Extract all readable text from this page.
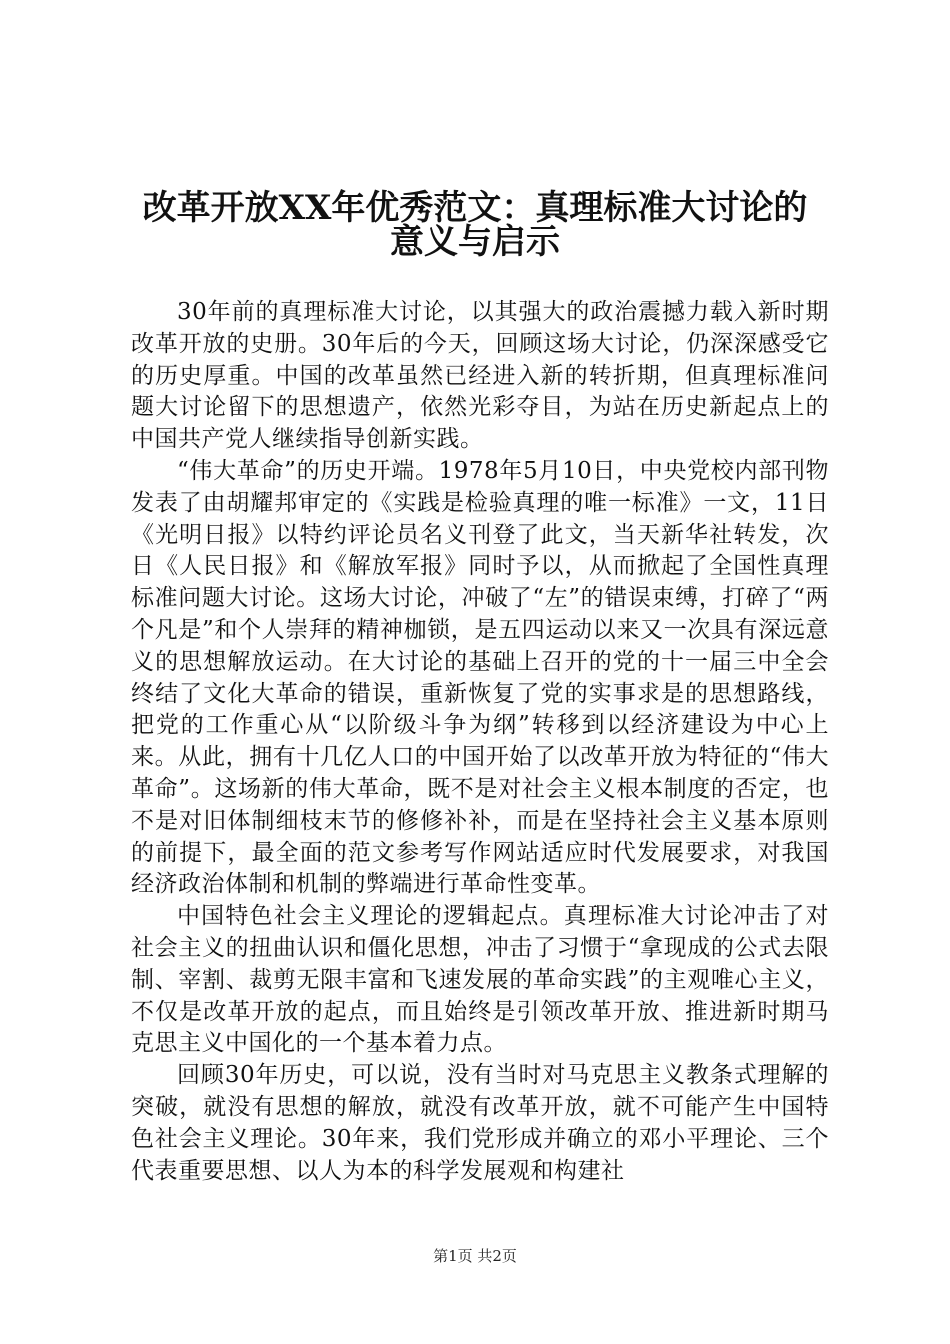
改革开放XX年优秀范文：真理标准大讨论的
意义与启示

30年前的真理标准大讨论，以其强大的政治震撼力载入新时期改革开放的史册。30年后的今天，回顾这场大讨论，仍深深感受它的历史厚重。中国的改革虽然已经进入新的转折期，但真理标准问题大讨论留下的思想遗产，依然光彩夺目，为站在历史新起点上的中国共产党人继续指导创新实践。

“伟大革命”的历史开端。1978年5月10日，中央党校内部刊物发表了由胡耀邦审定的《实践是检验真理的唯一标准》一文，11日《光明日报》以特约评论员名义刊登了此文，当天新华社转发，次日《人民日报》和《解放军报》同时予以，从而掀起了全国性真理标准问题大讨论。这场大讨论，冲破了“左”的错误束缚，打碎了“两个凡是”和个人崇拜的精神枷锁，是五四运动以来又一次具有深远意义的思想解放运动。在大讨论的基础上召开的党的十一届三中全会终结了文化大革命的错误，重新恢复了党的实事求是的思想路线，把党的工作重心从“以阶级斗争为纲”转移到以经济建设为中心上来。从此，拥有十几亿人口的中国开始了以改革开放为特征的“伟大革命”。这场新的伟大革命，既不是对社会主义根本制度的否定，也不是对旧体制细枝末节的修修补补，而是在坚持社会主义基本原则的前提下，最全面的范文参考写作网站适应时代发展要求，对我国经济政治体制和机制的弊端进行革命性变革。

中国特色社会主义理论的逻辑起点。真理标准大讨论冲击了对社会主义的扭曲认识和僵化思想，冲击了习惯于“拿现成的公式去限制、宰割、裁剪无限丰富和飞速发展的革命实践”的主观唯心主义，不仅是改革开放的起点，而且始终是引领改革开放、推进新时期马克思主义中国化的一个基本着力点。

回顾30年历史，可以说，没有当时对马克思主义教条式理解的突破，就没有思想的解放，就没有改革开放，就不可能产生中国特色社会主义理论。30年来，我们党形成并确立的邓小平理论、三个代表重要思想、以人为本的科学发展观和构建社

第1页 共2页
